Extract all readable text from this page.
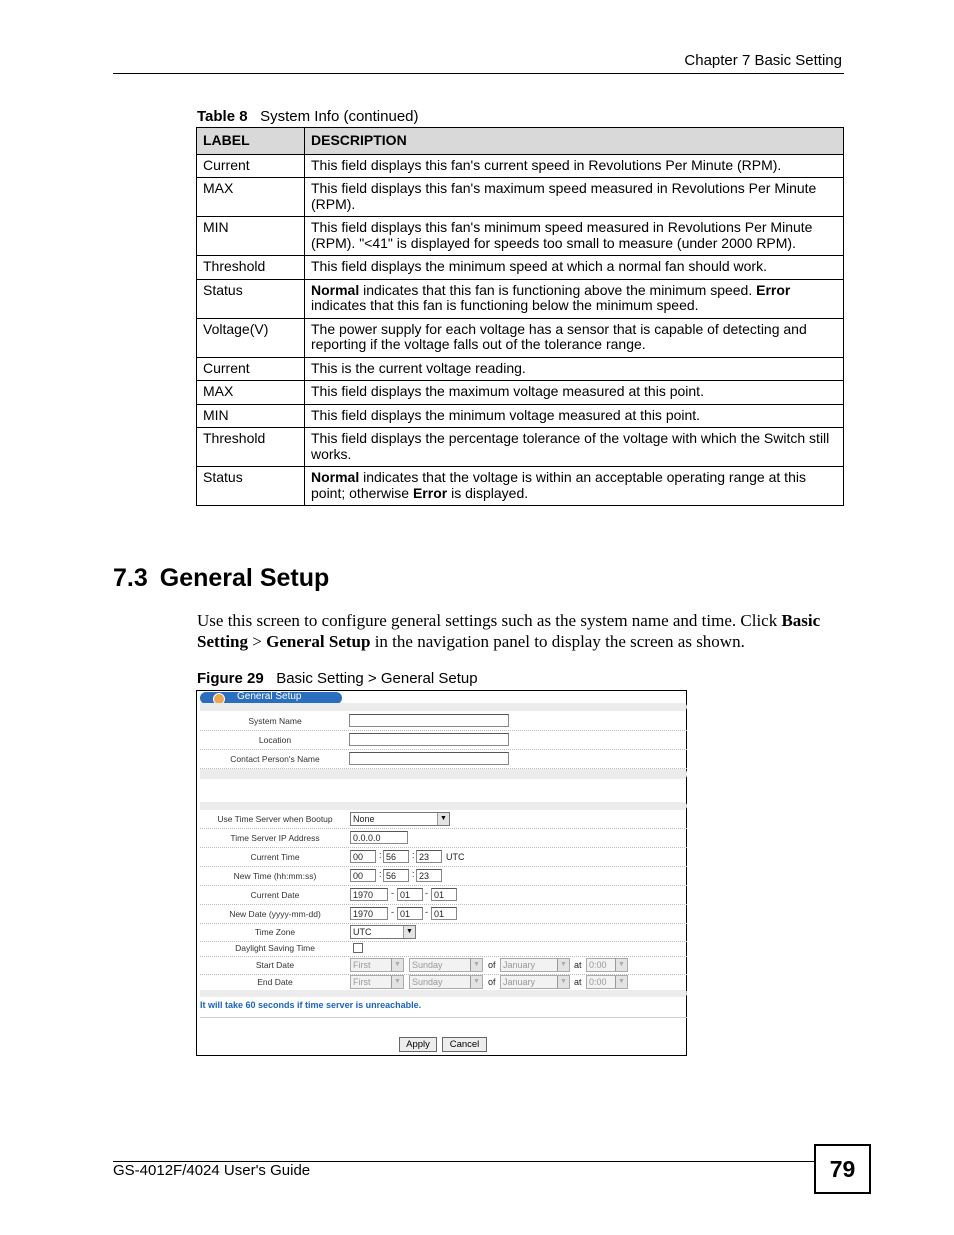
Chapter 7 Basic Setting
Table 8 System Info (continued)
LABEL	DESCRIPTION
Current	This field displays this fan's current speed in Revolutions Per Minute (RPM).
MAX	This field displays this fan's maximum speed measured in Revolutions Per Minute (RPM).
MIN	This field displays this fan's minimum speed measured in Revolutions Per Minute (RPM). "<41" is displayed for speeds too small to measure (under 2000 RPM).
Threshold	This field displays the minimum speed at which a normal fan should work.
Status	Normal indicates that this fan is functioning above the minimum speed. Error indicates that this fan is functioning below the minimum speed.
Voltage(V)	The power supply for each voltage has a sensor that is capable of detecting and reporting if the voltage falls out of the tolerance range.
Current	This is the current voltage reading.
MAX	This field displays the maximum voltage measured at this point.
MIN	This field displays the minimum voltage measured at this point.
Threshold	This field displays the percentage tolerance of the voltage with which the Switch still works.
Status	Normal indicates that the voltage is within an acceptable operating range at this point; otherwise Error is displayed.
7.3 General Setup
Use this screen to configure general settings such as the system name and time. Click Basic Setting > General Setup in the navigation panel to display the screen as shown.
Figure 29 Basic Setting > General Setup
General Setup
System Name
Location
Contact Person's Name
Use Time Server when Bootup	None	▼
Time Server IP Address	0.0.0.0
Current Time	00	: 56	: 23	UTC
New Time (hh:mm:ss)	00	: 56	: 23
Current Date	1970	- 01	- 01
New Date (yyyy-mm-dd)	1970	- 01	- 01
Time Zone	UTC	▼
Daylight Saving Time
Start Date	First	▼	Sunday	▼ of January	▼ at 0:00	▼
End Date	First	▼	Sunday	▼ of January	▼ at 0:00	▼
It will take 60 seconds if time server is unreachable.
Apply	Cancel
GS-4012F/4024 User's Guide	79
